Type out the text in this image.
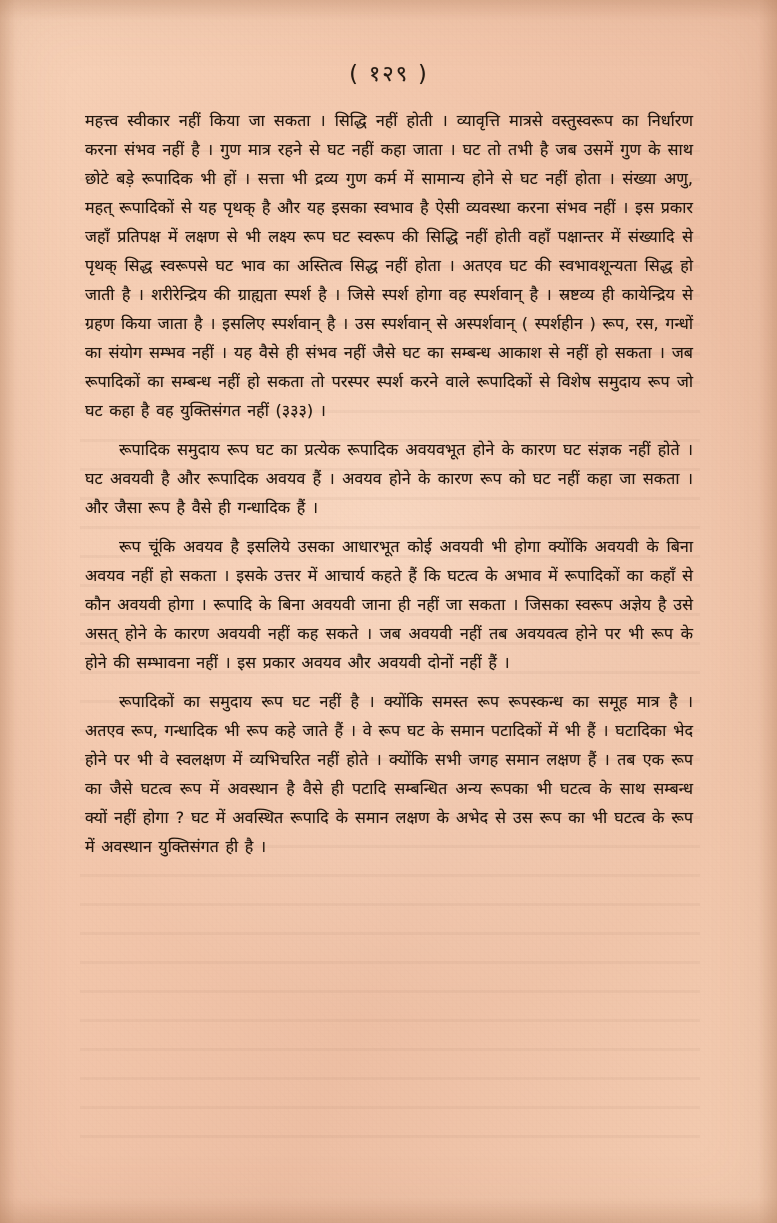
( १२९ )

महत्त्व स्वीकार नहीं किया जा सकता । सिद्धि नहीं होती । व्यावृत्ति मात्रसे वस्तुस्वरूप का निर्धारण करना संभव नहीं है । गुण मात्र रहने से घट नहीं कहा जाता । घट तो तभी है जब उसमें गुण के साथ छोटे बड़े रूपादिक भी हों । सत्ता भी द्रव्य गुण कर्म में सामान्य होने से घट नहीं होता । संख्या अणु, महत् रूपादिकों से यह पृथक् है और यह इसका स्वभाव है ऐसी व्यवस्था करना संभव नहीं । इस प्रकार जहाँ प्रतिपक्ष में लक्षण से भी लक्ष्य रूप घट स्वरूप की सिद्धि नहीं होती वहाँ पक्षान्तर में संख्यादि से पृथक् सिद्ध स्वरूपसे घट भाव का अस्तित्व सिद्ध नहीं होता । अतएव घट की स्वभावशून्यता सिद्ध हो जाती है । शरीरेन्द्रिय की ग्राह्यता स्पर्श है । जिसे स्पर्श होगा वह स्पर्शवान् है । स्रष्टव्य ही कायेन्द्रिय से ग्रहण किया जाता है । इसलिए स्पर्शवान् है । उस स्पर्शवान् से अस्पर्शवान् ( स्पर्शहीन ) रूप, रस, गन्धों का संयोग सम्भव नहीं । यह वैसे ही संभव नहीं जैसे घट का सम्बन्ध आकाश से नहीं हो सकता । जब रूपादिकों का सम्बन्ध नहीं हो सकता तो परस्पर स्पर्श करने वाले रूपादिकों से विशेष समुदाय रूप जो घट कहा है वह युक्तिसंगत नहीं (३३३) ।

रूपादिक समुदाय रूप घट का प्रत्येक रूपादिक अवयवभूत होने के कारण घट संज्ञक नहीं होते । घट अवयवी है और रूपादिक अवयव हैं । अवयव होने के कारण रूप को घट नहीं कहा जा सकता । और जैसा रूप है वैसे ही गन्धादिक हैं ।

रूप चूंकि अवयव है इसलिये उसका आधारभूत कोई अवयवी भी होगा क्योंकि अवयवी के बिना अवयव नहीं हो सकता । इसके उत्तर में आचार्य कहते हैं कि घटत्व के अभाव में रूपादिकों का कहाँ से कौन अवयवी होगा । रूपादि के बिना अवयवी जाना ही नहीं जा सकता । जिसका स्वरूप अज्ञेय है उसे असत् होने के कारण अवयवी नहीं कह सकते । जब अवयवी नहीं तब अवयवत्व होने पर भी रूप के होने की सम्भावना नहीं । इस प्रकार अवयव और अवयवी दोनों नहीं हैं ।

रूपादिकों का समुदाय रूप घट नहीं है । क्योंकि समस्त रूप रूपस्कन्ध का समूह मात्र है । अतएव रूप, गन्धादिक भी रूप कहे जाते हैं । वे रूप घट के समान पटादिकों में भी हैं । घटादिका भेद होने पर भी वे स्वलक्षण में व्यभिचरित नहीं होते । क्योंकि सभी जगह समान लक्षण हैं । तब एक रूप का जैसे घटत्व रूप में अवस्थान है वैसे ही पटादि सम्बन्धित अन्य रूपका भी घटत्व के साथ सम्बन्ध क्यों नहीं होगा ? घट में अवस्थित रूपादि के समान लक्षण के अभेद से उस रूप का भी घटत्व के रूप में अवस्थान युक्तिसंगत ही है ।
